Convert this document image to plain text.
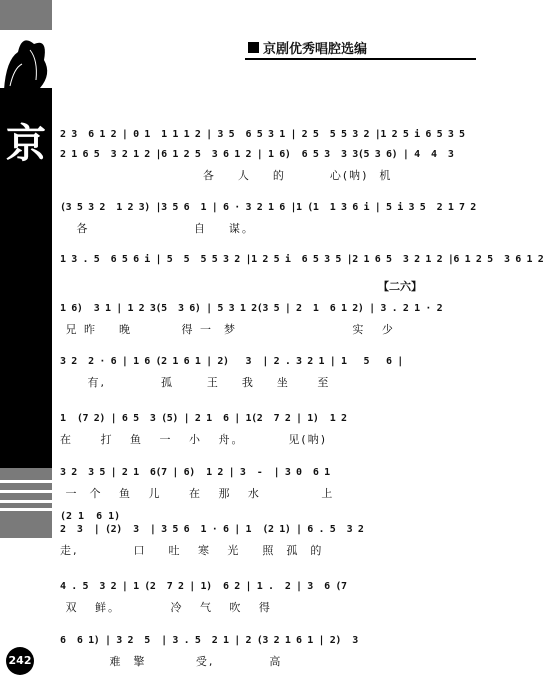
京
242
京剧优秀唱腔选编
【二六】
2 3  6 1 2 | 0 1  1 1 1 2 | 3 5  6 5 3 1 | 2 5  5 5 3 2 |1 2 5 i 6 5 3 5
2 1 6 5  3 2 1 2 |6 1 2 5  3 6 1 2 | 1 6)  6 5 3  3 3(5 3 6) | 4  4  3
各    人    的        心(呐)  机
(3 5 3 2  1 2 3) |3 5 6  1 | 6 · 3 2 1 6 |1 (1  1 3 6 i | 5 i 3 5  2 1 7 2
各                   自    谋。
1 3 . 5  6 5 6 i | 5  5  5 5 3 2 |1 2 5 i  6 5 3 5 |2 1 6 5  3 2 1 2 |6 1 2 5  3 6 1 2
1 6)  3 1 | 1 2 3(5  3 6) | 5 3 1 2(3 5 | 2  1  6 1 2) | 3 . 2 1 · 2
兄 昨    晚         得 一  梦                     实   少
3 2  2 · 6 | 1 6 (2 1 6 1 | 2)   3  | 2 . 3 2 1 | 1   5   6 |
有,          孤      王    我    坐     至
1  (7 2) | 6 5  3 (5) | 2 1  6 | 1(2  7 2 | 1)  1 2
在     打   鱼   一   小   舟。        见(呐)
3 2  3 5 | 2 1  6(7 | 6)  1 2 | 3  -  | 3 0  6 1
一  个   鱼   儿     在   那   水           上
(2 1  6 1)
2  3  | (2)  3  | 3 5 6  1 · 6 | 1  (2 1) | 6 . 5  3 2
走,          口    吐   寒   光    照  孤  的
4 . 5  3 2 | 1 (2  7 2 | 1)  6 2 | 1 .  2 | 3  6 (7
双   鲜。         冷   气   吹   得
6  6 1) | 3 2  5  | 3 . 5  2 1 | 2 (3 2 1 6 1 | 2)  3
难  擎         受,          高
